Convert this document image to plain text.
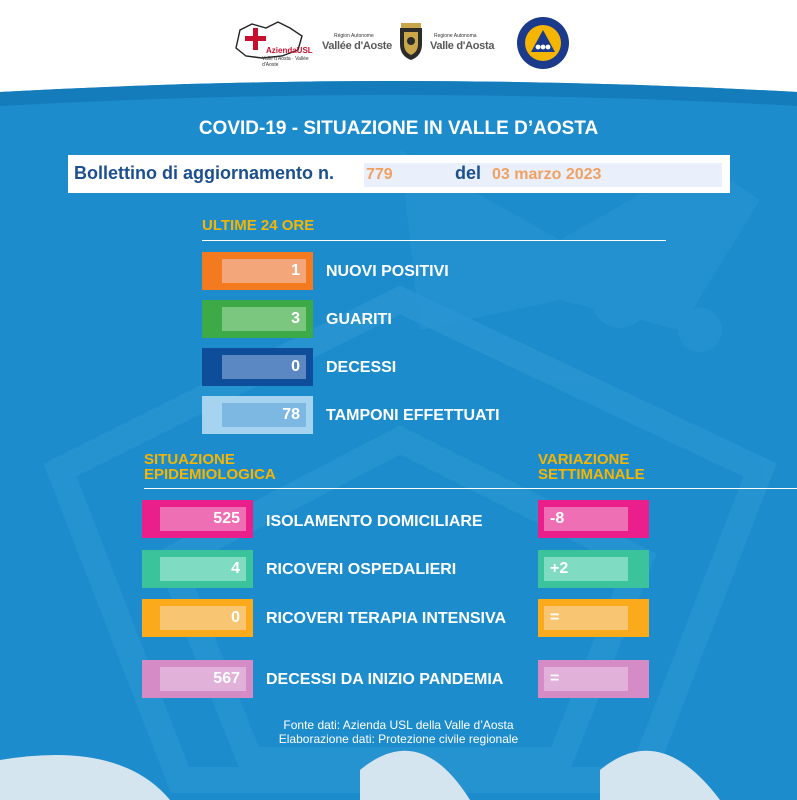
AziendaUSL
Valle d'Aosta · Vallée d'Aoste
Région Autonome
Vallée d'Aoste
Regione Autonoma
Valle d'Aosta
COVID-19 - SITUAZIONE IN VALLE D’AOSTA
Bollettino di aggiornamento n. 779	del 03 marzo 2023
ULTIME 24 ORE
1	NUOVI POSITIVI
3	GUARITI
0	DECESSI
78	TAMPONI EFFETTUATI
SITUAZIONE
EPIDEMIOLOGICA
VARIAZIONE
SETTIMANALE
525	ISOLAMENTO DOMICILIARE	-8
4	RICOVERI OSPEDALIERI	+2
0	RICOVERI TERAPIA INTENSIVA	=
567	DECESSI DA INIZIO PANDEMIA	=
Fonte dati: Azienda USL della Valle d’Aosta
Elaborazione dati: Protezione civile regionale
